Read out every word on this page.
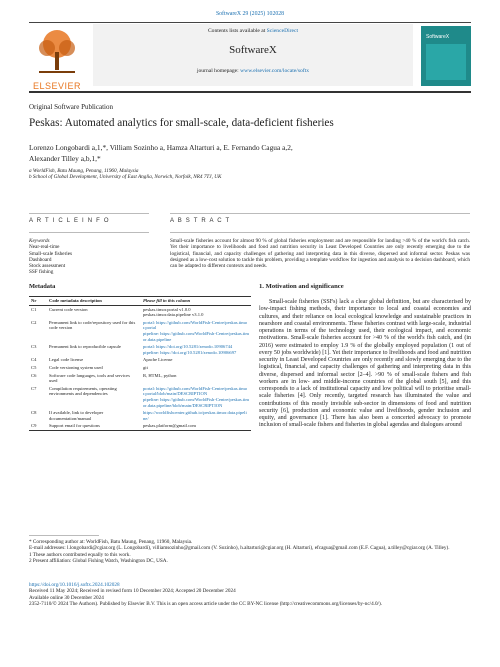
SoftwareX 29 (2025) 102028
ELSEVIER
Contents lists available at ScienceDirect
SoftwareX
journal homepage: www.elsevier.com/locate/softx
SoftwareX
Original Software Publication
Peskas: Automated analytics for small-scale, data-deficient fisheries
Lorenzo Longobardi a,1,*, Villiam Sozinho a, Hamza Altarturi a, E. Fernando Cagua a,2,
Alexander Tilley a,b,1,*
a WorldFish, Batu Maung, Penang, 11960, Malaysia
b School of Global Development, University of East Anglia, Norwich, Norfolk, NR4 7TJ, UK
A R T I C L E I N F O
Keywords
Near-real-time
Small-scale fisheries
Dashboard
Stock assessment
SSF fishing
A B S T R A C T
Small-scale fisheries account for almost 90 % of global fisheries employment and are responsible for landing >40 % of the world's fish catch. Yet their importance to livelihoods and food and nutrition security in Least Developed Countries are only recently emerging due to the logistical, financial, and capacity challenges of gathering and interpreting data in this diverse, dispersed and informal sector. Peskas was designed as a low-cost solution to tackle this problem, providing a template workflow for ingestion and analysis to a decision dashboard, which can be adapted to different contexts and needs.
Metadata
Nr	Code metadata description	Please fill in this column
C1	Current code version	peskas.timor.portal v1.0.0
peskas.timor.data.pipeline v3.1.0
C2	Permanent link to code/repository used for this code version	portal: https://github.com/WorldFish-Centre/peskas.timor.portal
pipeline: https://github.com/WorldFish-Centre/peskas.timor.data.pipeline
C3	Permanent link to reproducible capsule	portal: https://doi.org/10.5281/zenodo.10906744
pipeline: https://doi.org/10.5281/zenodo.10906697
C4	Legal code license	Apache License
C5	Code versioning system used	git
C6	Software code languages, tools and services used	R, HTML, python
C7	Compilation requirements, operating environments and dependencies	portal: https://github.com/WorldFish-Centre/peskas.timor.portal/blob/main/DESCRIPTION
pipeline: https://github.com/WorldFish-Centre/peskas.timor.data.pipeline/blob/main/DESCRIPTION
C8	If available, link to developer documentation/manual	https://worldfishcenter.github.io/peskas.timor.data.pipeline/
C9	Support email for questions	peskas.platform@gmail.com
1. Motivation and significance
Small-scale fisheries (SSFs) lack a clear global definition, but are characterised by low-impact fishing methods, their importance to local and coastal economies and cultures, and their reliance on local ecological knowledge and sustainable practices in nearshore and coastal environments. These fisheries contrast with large-scale, industrial operations in terms of the technology used, their ecological impact, and economic motivations. Small-scale fisheries account for >40 % of the world's fish catch, and (in 2016) were estimated to employ 1.9 % of the globally employed population (1 out of every 50 jobs worldwide) [1]. Yet their importance to livelihoods and food and nutrition security in Least Developed Countries are only recently and slowly emerging due to the logistical, financial, and capacity challenges of gathering and interpreting data in this diverse, dispersed and informal sector [2–4]. >90 % of small-scale fishers and fish workers are in low- and middle-income countries of the global south [5], and this corresponds to a lack of institutional capacity and low political will to prioritise small-scale fisheries [4]. Only recently, targeted research has illuminated the value and contributions of this mostly invisible sub-sector in dimensions of food and nutrition security [6], production and economic value and livelihoods, gender inclusion and equity, and governance [1]. There has also been a concerted advocacy to promote inclusion of small-scale fishers and fisheries in global agendas and dialogues around
* Corresponding author at: WorldFish, Batu Maung, Penang, 11960, Malaysia.
E-mail addresses: l.longobardi@cgiar.org (L. Longobardi), villiamsozinho@gmail.com (V. Sozinho), h.altarturi@cgiar.org (H. Altarturi), efcagua@gmail.com (E.F. Cagua), a.tilley@cgiar.org (A. Tilley).
1 These authors contributed equally to this work.
2 Present affiliation: Global Fishing Watch, Washington DC, USA.
https://doi.org/10.1016/j.softx.2024.102028
Received 11 May 2024; Received in revised form 10 December 2024; Accepted 20 December 2024
Available online 30 December 2024
2352-7110/© 2024 The Authors). Published by Elsevier B.V. This is an open access article under the CC BY-NC license (http://creativecommons.org/licenses/by-nc/4.0/).
